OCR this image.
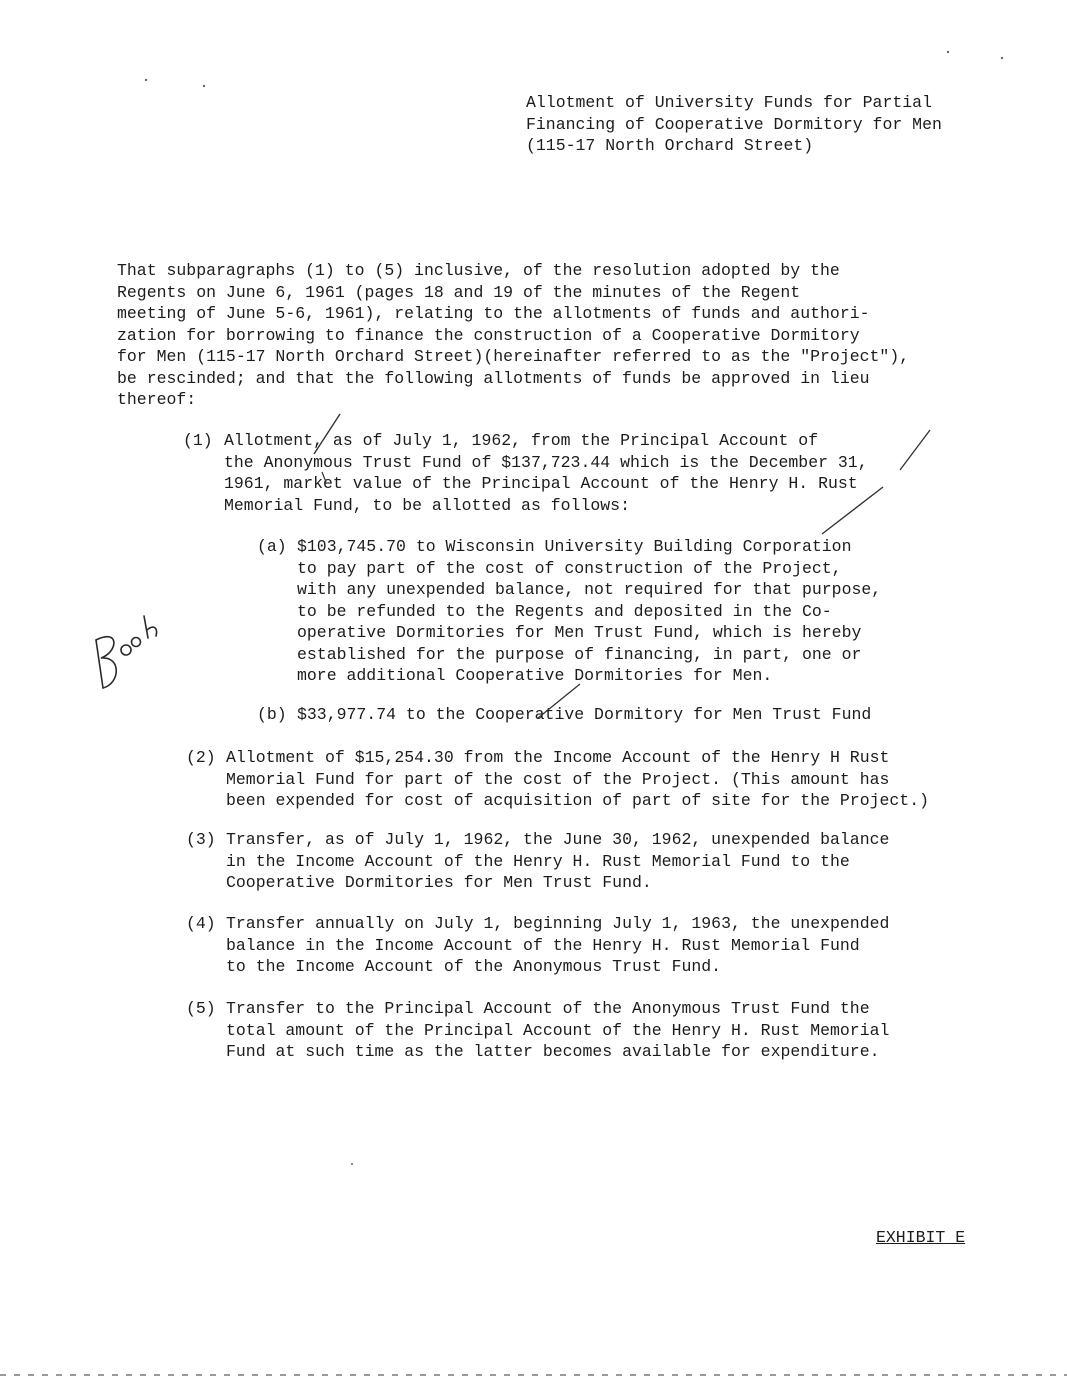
Allotment of University Funds for Partial
Financing of Cooperative Dormitory for Men
(115-17 North Orchard Street)
That subparagraphs (1) to (5) inclusive, of the resolution adopted by the
Regents on June 6, 1961 (pages 18 and 19 of the minutes of the Regent
meeting of June 5-6, 1961), relating to the allotments of funds and authori-
zation for borrowing to finance the construction of a Cooperative Dormitory
for Men (115-17 North Orchard Street)(hereinafter referred to as the "Project"),
be rescinded; and that the following allotments of funds be approved in lieu
thereof:
(1) Allotment, as of July 1, 1962, from the Principal Account of
the Anonymous Trust Fund of $137,723.44 which is the December 31,
1961, market value of the Principal Account of the Henry H. Rust
Memorial Fund, to be allotted as follows:
(a) $103,745.70 to Wisconsin University Building Corporation
to pay part of the cost of construction of the Project,
with any unexpended balance, not required for that purpose,
to be refunded to the Regents and deposited in the Co-
operative Dormitories for Men Trust Fund, which is hereby
established for the purpose of financing, in part, one or
more additional Cooperative Dormitories for Men.
(b) $33,977.74 to the Cooperative Dormitory for Men Trust Fund
(2) Allotment of $15,254.30 from the Income Account of the Henry H Rust
Memorial Fund for part of the cost of the Project. (This amount has
been expended for cost of acquisition of part of site for the Project.)
(3) Transfer, as of July 1, 1962, the June 30, 1962, unexpended balance
in the Income Account of the Henry H. Rust Memorial Fund to the
Cooperative Dormitories for Men Trust Fund.
(4) Transfer annually on July 1, beginning July 1, 1963, the unexpended
balance in the Income Account of the Henry H. Rust Memorial Fund
to the Income Account of the Anonymous Trust Fund.
(5) Transfer to the Principal Account of the Anonymous Trust Fund the
total amount of the Principal Account of the Henry H. Rust Memorial
Fund at such time as the latter becomes available for expenditure.
EXHIBIT E
